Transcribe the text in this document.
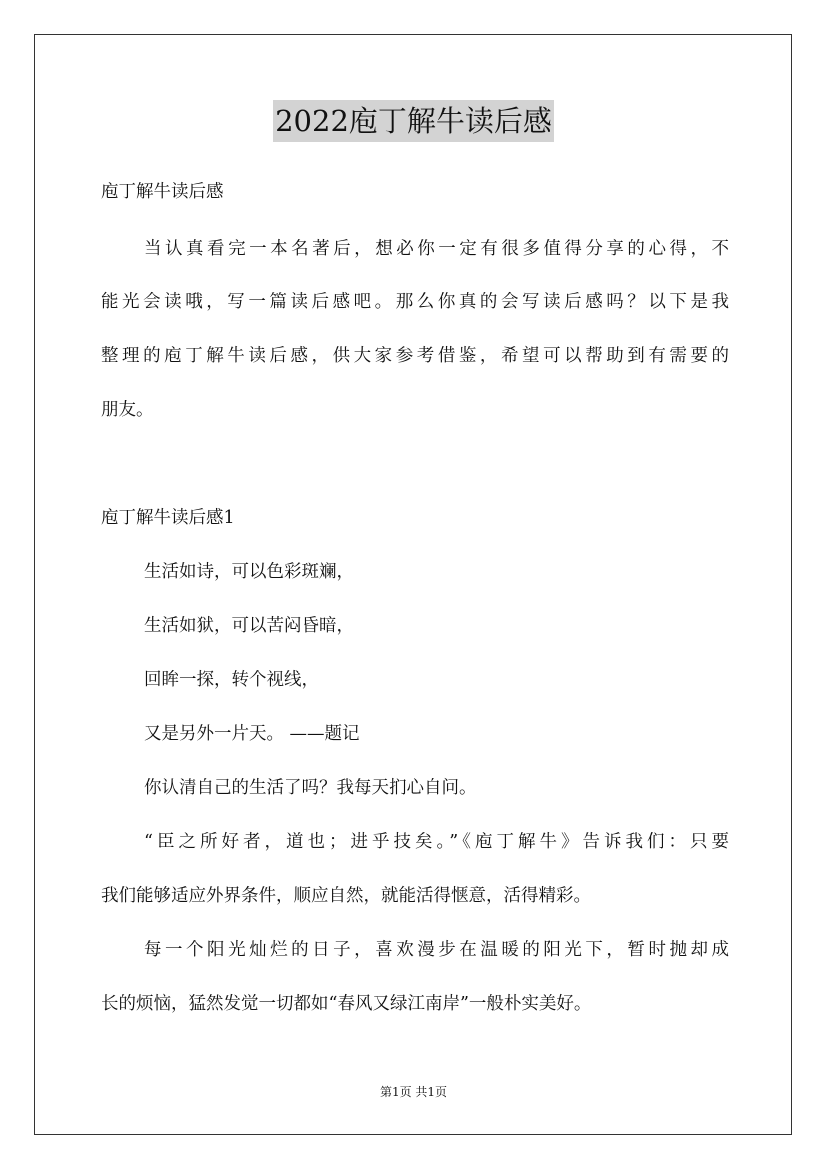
2022庖丁解牛读后感
庖丁解牛读后感
当认真看完一本名著后，想必你一定有很多值得分享的心得，不
能光会读哦，写一篇读后感吧。那么你真的会写读后感吗？以下是我
整理的庖丁解牛读后感，供大家参考借鉴，希望可以帮助到有需要的
朋友。
庖丁解牛读后感1
生活如诗，可以色彩斑斓，
生活如狱，可以苦闷昏暗，
回眸一探，转个视线，
又是另外一片天。 ——题记
你认清自己的生活了吗？我每天扪心自问。
“臣之所好者，道也；进乎技矣。”《庖丁解牛》告诉我们：只要
我们能够适应外界条件，顺应自然，就能活得惬意，活得精彩。
每一个阳光灿烂的日子，喜欢漫步在温暖的阳光下，暂时抛却成
长的烦恼，猛然发觉一切都如“春风又绿江南岸”一般朴实美好。
第1页 共1页
